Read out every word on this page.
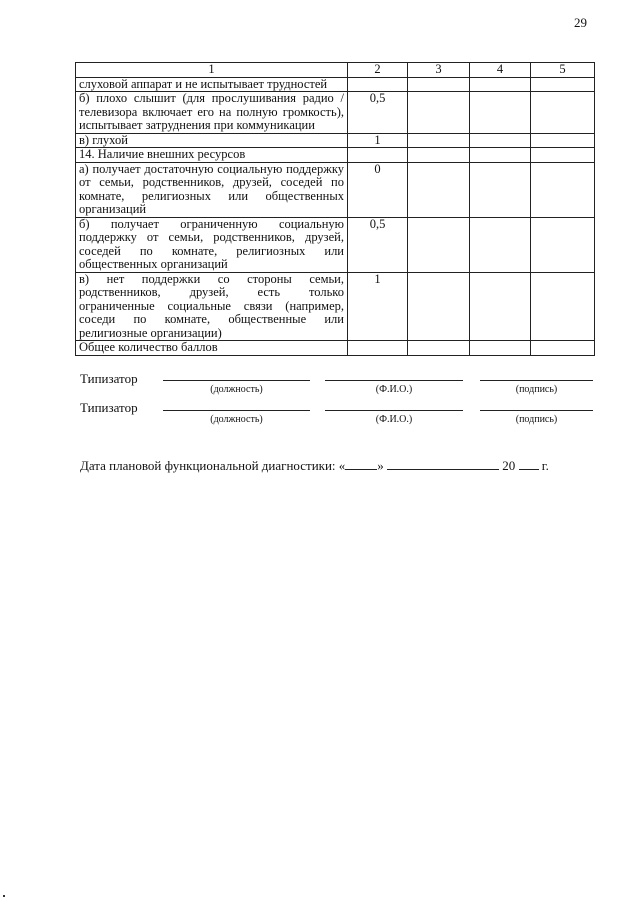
29
1	2	3	4	5
слуховой аппарат и не испытывает трудностей				
б) плохо слышит (для прослушивания радио / телевизора включает его на полную громкость), испытывает затруднения при коммуникации	0,5			
в) глухой	1			
14. Наличие внешних ресурсов				
а) получает достаточную социальную поддержку от семьи, родственников, друзей, соседей по комнате, религиозных или общественных организаций	0			
б) получает ограниченную социальную поддержку от семьи, родственников, друзей, соседей по комнате, религиозных или общественных организаций	0,5			
в) нет поддержки со стороны семьи, родственников, друзей, есть только ограниченные социальные связи (например, соседи по комнате, общественные или религиозные организации)	1			
Общее количество баллов				
Типизатор
(должность)	(Ф.И.О.)	(подпись)
Типизатор
(должность)	(Ф.И.О.)	(подпись)
Дата плановой функциональной диагностики: « »	20 г.
